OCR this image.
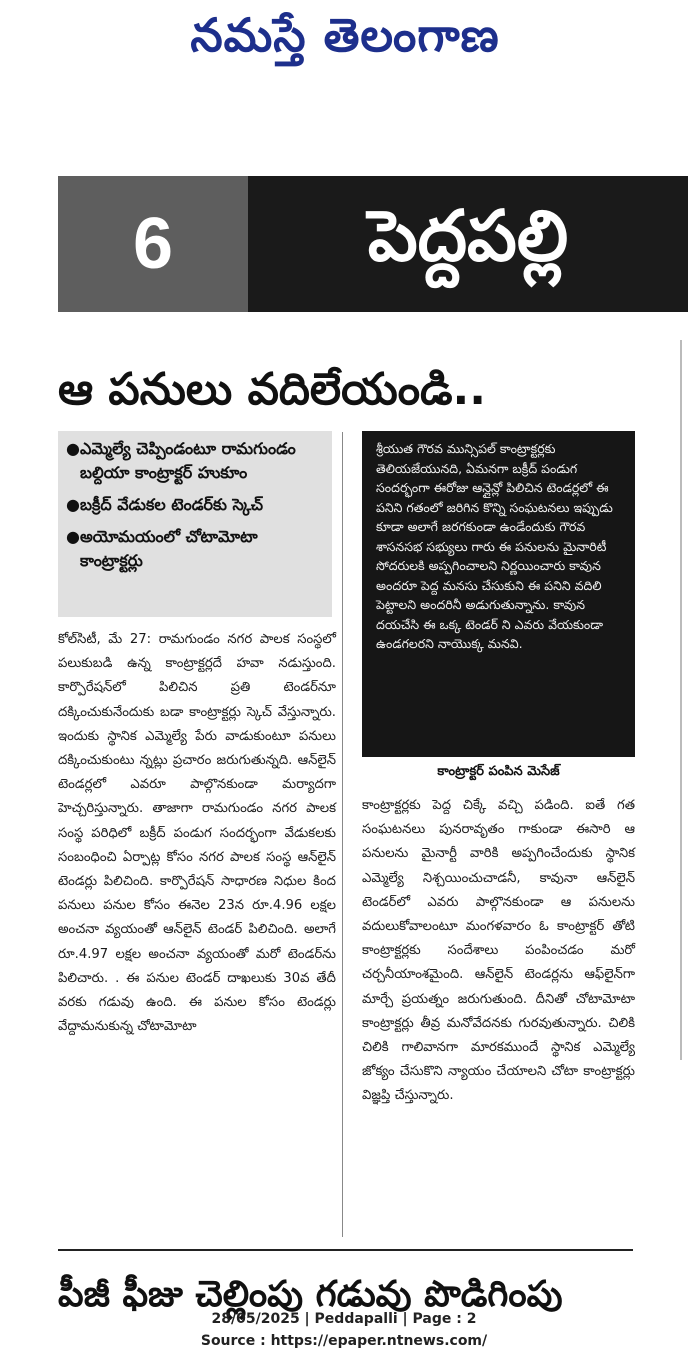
నమస్తే తెలంగాణ
6	పెద్దపల్లి
ఆ పనులు వదిలేయండి..
● ఎమ్మెల్యే చెప్పిండంటూ రామగుండం బల్దియా కాంట్రాక్టర్ హుకూం
● బక్రీద్ వేడుకల టెండర్‌కు స్కెచ్
● అయోమయంలో చోటామోటా కాంట్రాక్టర్లు

శ్రీయుత గౌరవ మున్సిపల్ కాంట్రాక్టర్లకు తెలియజేయునది, ఏమనగా బక్రీద్ పండుగ సందర్భంగా ఈరోజు ఆన్లైన్లో పిలిచిన టెండర్లలో ఈ పనిని గతంలో జరిగిన కొన్ని సంఘటనలు ఇప్పుడు కూడా అలాగే జరగకుండా ఉండేందుకు గౌరవ శాసనసభ సభ్యులు గారు ఈ పనులను మైనారిటీ సోదరులకి అప్పగించాలని నిర్ణయించారు కావున అందరూ పెద్ద మనసు చేసుకుని ఈ పనిని వదిలి పెట్టాలని అందరినీ అడుగుతున్నాను. కావున దయచేసి ఈ ఒక్క టెండర్ ని ఎవరు వేయకుండా ఉండగలరని నాయొక్క మనవి.

కాంట్రాక్టర్ పంపిన మెసేజ్

కోల్‌సిటీ, మే 27: రామగుండం నగర పాలక సంస్థలో పలుకుబడి ఉన్న కాంట్రాక్టర్లదే హవా నడుస్తుంది. కార్పొరేషన్‌లో పిలిచిన ప్రతి టెండర్‌నూ దక్కించుకునేందుకు బడా కాంట్రాక్టర్లు స్కెచ్ వేస్తున్నారు. ఇందుకు స్థానిక ఎమ్మెల్యే పేరు వాడుకుంటూ పనులు దక్కించుకుంటు న్నట్లు ప్రచారం జరుగుతున్నది. ఆన్‌లైన్ టెండర్లలో ఎవరూ పాల్గొనకుండా మర్యాదగా హెచ్చరిస్తున్నారు. తాజాగా రామగుండం నగర పాలక సంస్థ పరిధిలో బక్రీద్ పండుగ సందర్భంగా వేడుకలకు సంబంధించి ఏర్పాట్ల కోసం నగర పాలక సంస్థ ఆన్‌లైన్ టెండర్లు పిలిచింది. కార్పొరేషన్ సాధారణ నిధుల కింద పనులు పనుల కోసం ఈనెల 23న రూ.4.96 లక్షల అంచనా వ్యయంతో ఆన్‌లైన్ టెండర్ పిలిచింది. అలాగే రూ.4.97 లక్షల అంచనా వ్యయంతో మరో టెండర్‌ను పిలిచారు. . ఈ పనుల టెండర్ దాఖలుకు 30వ తేదీ వరకు గడువు ఉంది. ఈ పనుల కోసం టెండర్లు వేద్దామనుకున్న చోటామోటా

కాంట్రాక్టర్లకు పెద్ద చిక్కే వచ్చి పడింది. ఐతే గత సంఘటనలు పునరావృతం గాకుండా ఈసారి ఆ పనులను మైనార్టీ వారికి అప్పగించేందుకు స్థానిక ఎమ్మెల్యే నిశ్చయించుచాడనీ, కావునా ఆన్‌లైన్ టెండర్‌లో ఎవరు పాల్గొనకుండా ఆ పనులను వదులుకోవాలంటూ మంగళవారం ఓ కాంట్రాక్టర్ తోటి కాంట్రాక్టర్లకు సందేశాలు పంపించడం మరో చర్చనీయాంశమైంది. ఆన్‌లైన్ టెండర్లను ఆఫ్‌లైన్‌గా మార్చే ప్రయత్నం జరుగుతుంది. దీనితో చోటామోటా కాంట్రాక్టర్లు తీవ్ర మనోవేదనకు గురవుతున్నారు. చిలికి చిలికి గాలివానగా మారకముందే స్థానిక ఎమ్మెల్యే జోక్యం చేసుకొని న్యాయం చేయాలని చోటా కాంట్రాక్టర్లు విజ్ఞప్తి చేస్తున్నారు.

పీజీ ఫీజు చెల్లింపు గడువు పొడిగింపు
28/05/2025 | Peddapalli | Page : 2
Source : https://epaper.ntnews.com/
